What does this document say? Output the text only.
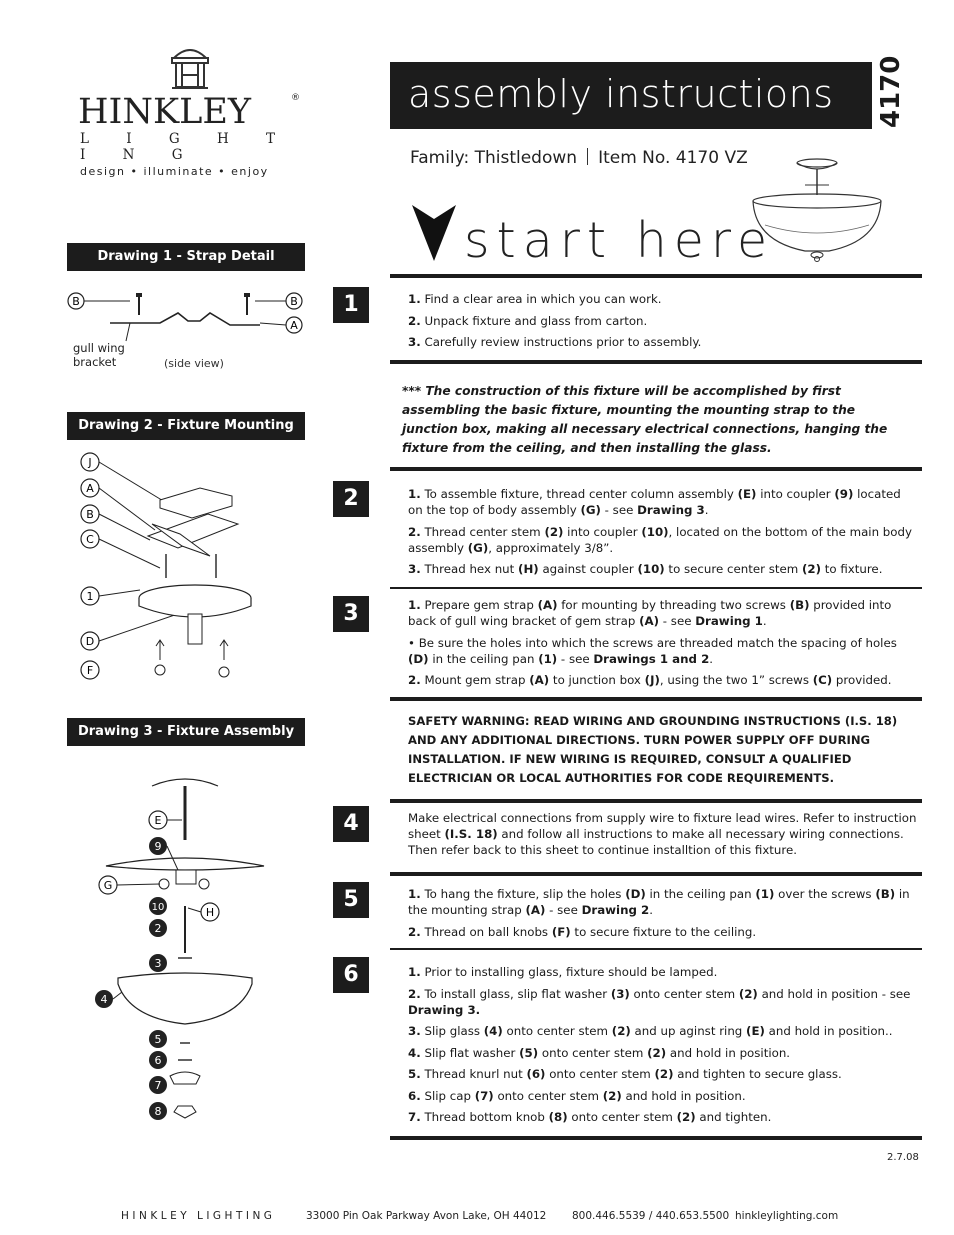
HINKLEY	®
L I G H T I N G
design • illuminate • enjoy
assembly instructions 4170
Family: Thistledown Item No. 4170 VZ
start here
Drawing 1 - Strap Detail
B	B
A
gull wing
bracket	(side view)
Drawing 2 - Fixture Mounting
J
A
B
C
1
D
F
Drawing 3 - Fixture Assembly
E
9
G
10	H
2
3
4
5
6
7
8
1	1. Find a clear area in which you can work.

2. Unpack fixture and glass from carton.

3. Carefully review instructions prior to assembly.

*** The construction of this fixture will be accomplished by first assembling the basic fixture, mounting the mounting strap to the junction box, making all necessary electrical connections, hanging the fixture from the ceiling, and then installing the glass.
2	1. To assemble fixture, thread center column assembly (E) into coupler (9) located on the top of body assembly (G) - see Drawing 3.

2. Thread center stem (2) into coupler (10), located on the bottom of the main body assembly (G), approximately 3/8”.

3. Thread hex nut (H) against coupler (10) to secure center stem (2) to fixture.

3	1. Prepare gem strap (A) for mounting by threading two screws (B) provided into back of gull wing bracket of gem strap (A) - see Drawing 1.

• Be sure the holes into which the screws are threaded match the spacing of holes (D) in the ceiling pan (1) - see Drawings 1 and 2.

2. Mount gem strap (A) to junction box (J), using the two 1” screws (C) provided.

SAFETY WARNING: READ WIRING AND GROUNDING INSTRUCTIONS (I.S. 18) AND ANY ADDITIONAL DIRECTIONS. TURN POWER SUPPLY OFF DURING INSTALLATION. IF NEW WIRING IS REQUIRED, CONSULT A QUALIFIED ELECTRICIAN OR LOCAL AUTHORITIES FOR CODE REQUIREMENTS.
4	Make electrical connections from supply wire to fixture lead wires. Refer to instruction sheet (I.S. 18) and follow all instructions to make all necessary wiring connections. Then refer back to this sheet to continue installtion of this fixture.

5	1. To hang the fixture, slip the holes (D) in the ceiling pan (1) over the screws (B) in the mounting strap (A) - see Drawing 2.

2. Thread on ball knobs (F) to secure fixture to the ceiling.

6	1. Prior to installing glass, fixture should be lamped.

2. To install glass, slip flat washer (3) onto center stem (2) and hold in position - see Drawing 3.

3. Slip glass (4) onto center stem (2) and up aginst ring (E) and hold in position..

4. Slip flat washer (5) onto center stem (2) and hold in position.

5. Thread knurl nut (6) onto center stem (2) and tighten to secure glass.

6. Slip cap (7) onto center stem (2) and hold in position.

7. Thread bottom knob (8) onto center stem (2) and tighten.

2.7.08
HINKLEY LIGHTING	33000 Pin Oak Parkway Avon Lake, OH 44012 800.446.5539 / 440.653.5500 hinkleylighting.com
